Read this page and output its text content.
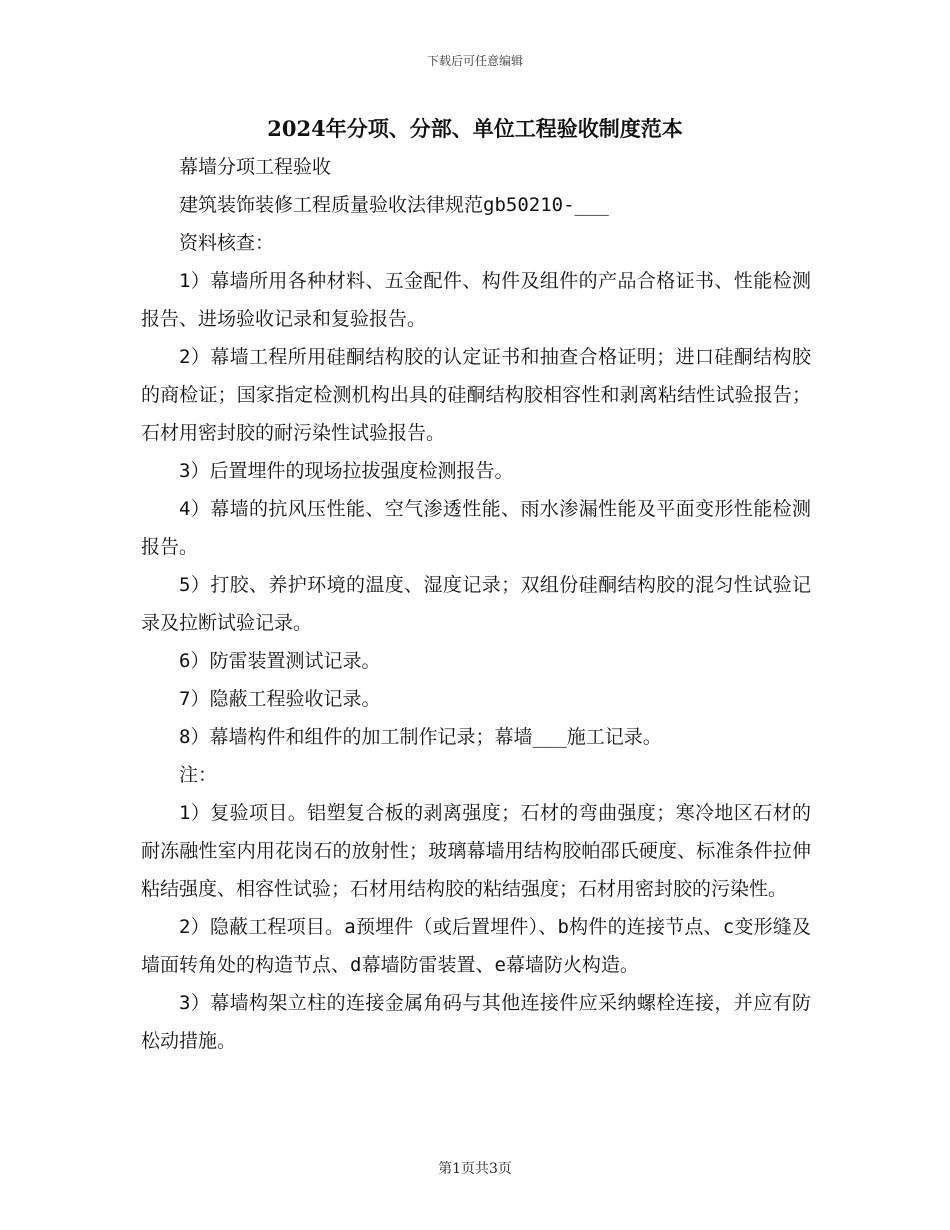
下载后可任意编辑
2024年分项、分部、单位工程验收制度范本

幕墙分项工程验收

建筑装饰装修工程质量验收法律规范gb50210-___

资料核查：

1）幕墙所用各种材料、五金配件、构件及组件的产品合格证书、性能检测报告、进场验收记录和复验报告。

2）幕墙工程所用硅酮结构胶的认定证书和抽查合格证明；进口硅酮结构胶的商检证；国家指定检测机构出具的硅酮结构胶相容性和剥离粘结性试验报告；石材用密封胶的耐污染性试验报告。

3）后置埋件的现场拉拔强度检测报告。

4）幕墙的抗风压性能、空气渗透性能、雨水渗漏性能及平面变形性能检测报告。

5）打胶、养护环境的温度、湿度记录；双组份硅酮结构胶的混匀性试验记录及拉断试验记录。

6）防雷装置测试记录。

7）隐蔽工程验收记录。

8）幕墙构件和组件的加工制作记录；幕墙___施工记录。

注：

1）复验项目。铝塑复合板的剥离强度；石材的弯曲强度；寒冷地区石材的耐冻融性室内用花岗石的放射性；玻璃幕墙用结构胶帕邵氏硬度、标准条件拉伸粘结强度、相容性试验；石材用结构胶的粘结强度；石材用密封胶的污染性。

2）隐蔽工程项目。a预埋件（或后置埋件）、b构件的连接节点、c变形缝及墙面转角处的构造节点、d幕墙防雷装置、e幕墙防火构造。

3）幕墙构架立柱的连接金属角码与其他连接件应采纳螺栓连接，并应有防松动措施。

第1页共3页
